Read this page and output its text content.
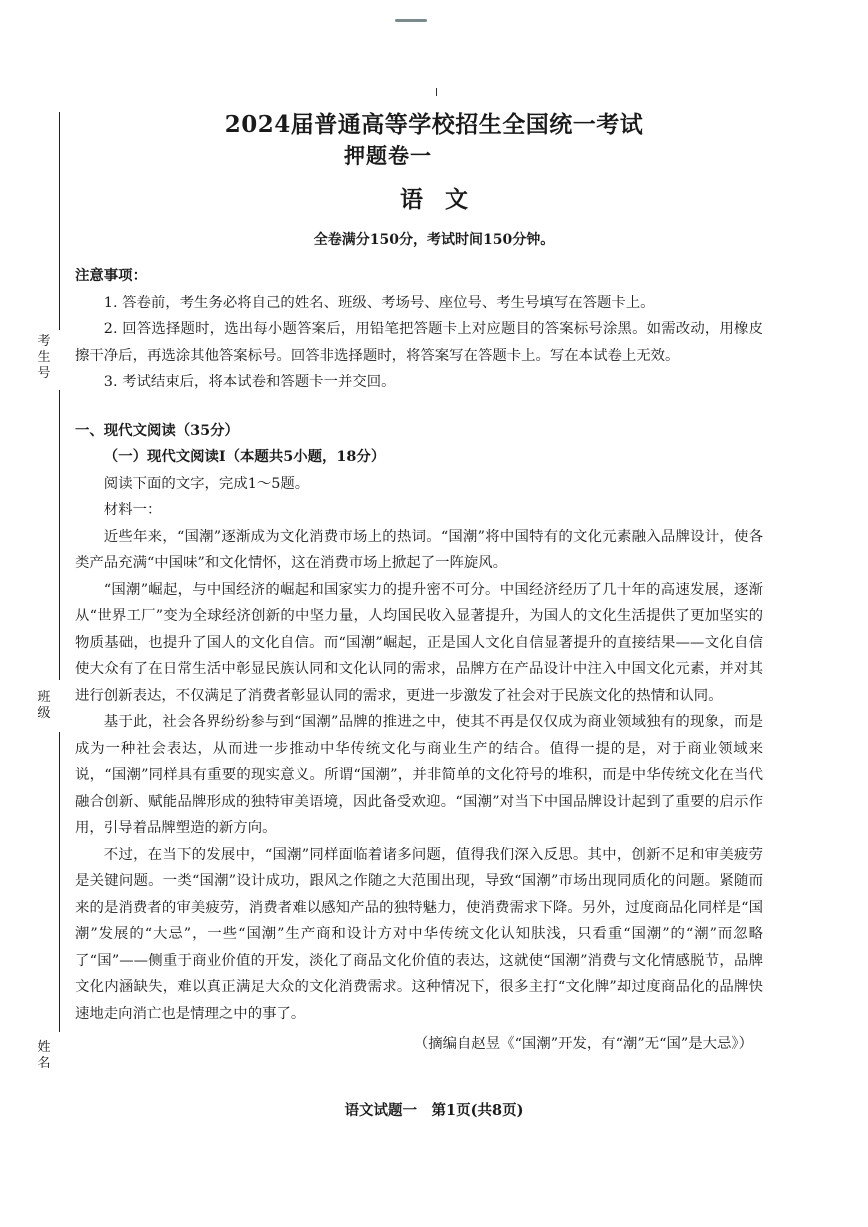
考生号
班级
姓名
2024届普通高等学校招生全国统一考试
押题卷一
语 文
全卷满分150分，考试时间150分钟。

注意事项：

1. 答卷前，考生务必将自己的姓名、班级、考场号、座位号、考生号填写在答题卡上。

2. 回答选择题时，选出每小题答案后，用铅笔把答题卡上对应题目的答案标号涂黑。如需改动，用橡皮擦干净后，再选涂其他答案标号。回答非选择题时，将答案写在答题卡上。写在本试卷上无效。

3. 考试结束后，将本试卷和答题卡一并交回。

一、现代文阅读（35分）

（一）现代文阅读Ⅰ（本题共5小题，18分）

阅读下面的文字，完成1～5题。

材料一：

近些年来，“国潮”逐渐成为文化消费市场上的热词。“国潮”将中国特有的文化元素融入品牌设计，使各类产品充满“中国味”和文化情怀，这在消费市场上掀起了一阵旋风。

“国潮”崛起，与中国经济的崛起和国家实力的提升密不可分。中国经济经历了几十年的高速发展，逐渐从“世界工厂”变为全球经济创新的中坚力量，人均国民收入显著提升，为国人的文化生活提供了更加坚实的物质基础，也提升了国人的文化自信。而“国潮”崛起，正是国人文化自信显著提升的直接结果——文化自信使大众有了在日常生活中彰显民族认同和文化认同的需求，品牌方在产品设计中注入中国文化元素，并对其进行创新表达，不仅满足了消费者彰显认同的需求，更进一步激发了社会对于民族文化的热情和认同。

基于此，社会各界纷纷参与到“国潮”品牌的推进之中，使其不再是仅仅成为商业领域独有的现象，而是成为一种社会表达，从而进一步推动中华传统文化与商业生产的结合。值得一提的是，对于商业领域来说，“国潮”同样具有重要的现实意义。所谓“国潮”，并非简单的文化符号的堆积，而是中华传统文化在当代融合创新、赋能品牌形成的独特审美语境，因此备受欢迎。“国潮”对当下中国品牌设计起到了重要的启示作用，引导着品牌塑造的新方向。

不过，在当下的发展中，“国潮”同样面临着诸多问题，值得我们深入反思。其中，创新不足和审美疲劳是关键问题。一类“国潮”设计成功，跟风之作随之大范围出现，导致“国潮”市场出现同质化的问题。紧随而来的是消费者的审美疲劳，消费者难以感知产品的独特魅力，使消费需求下降。另外，过度商品化同样是“国潮”发展的“大忌”，一些“国潮”生产商和设计方对中华传统文化认知肤浅，只看重“国潮”的“潮”而忽略了“国”——侧重于商业价值的开发，淡化了商品文化价值的表达，这就使“国潮”消费与文化情感脱节，品牌文化内涵缺失，难以真正满足大众的文化消费需求。这种情况下，很多主打“文化牌”却过度商品化的品牌快速地走向消亡也是情理之中的事了。

（摘编自赵昱《“国潮”开发，有“潮”无“国”是大忌》）

语文试题一　第1页(共8页)
